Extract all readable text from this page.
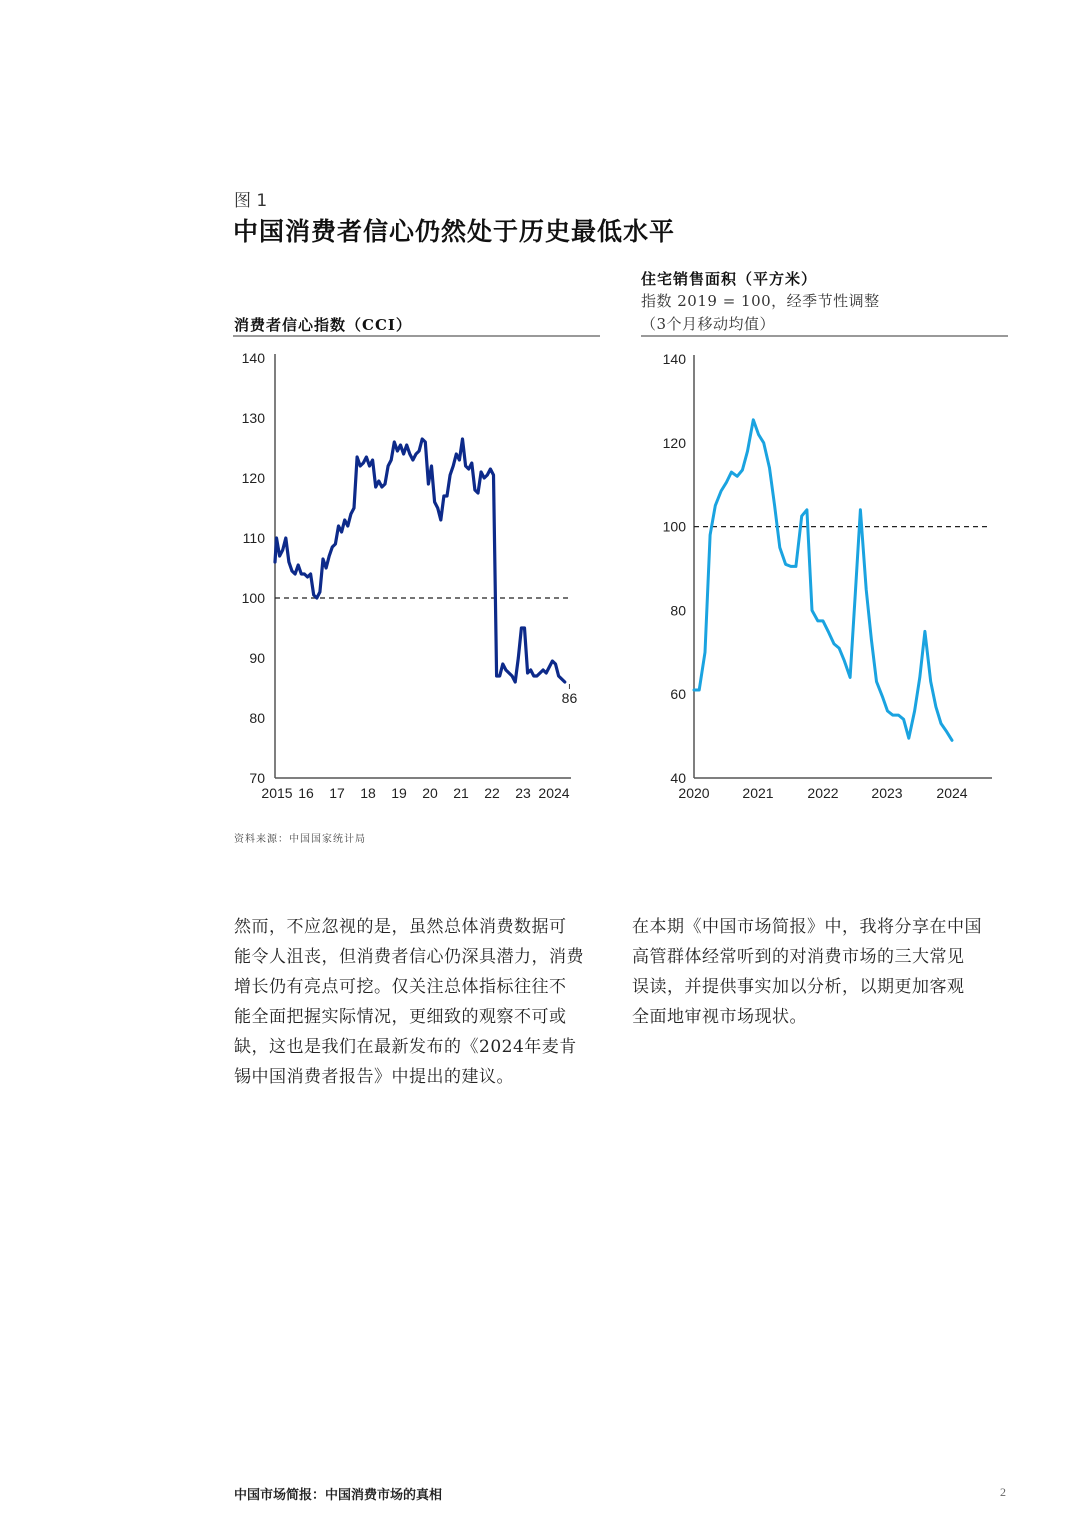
图 1
中国消费者信心仍然处于历史最低水平
消费者信心指数（CCI）
住宅销售面积（平方米）
指数 2019 = 100，经季节性调整
（3个月移动均值）
70
80
90
100
110
120
130
140
2015 16 17 18 19 20 21 22 23 2024
86
40
60
80
100
120
140
2020 2021 2022 2023 2024
资料来源：中国国家统计局
然而，不应忽视的是，虽然总体消费数据可
能令人沮丧，但消费者信心仍深具潜力，消费
增长仍有亮点可挖。仅关注总体指标往往不
能全面把握实际情况，更细致的观察不可或
缺，这也是我们在最新发布的《2024年麦肯
锡中国消费者报告》中提出的建议。
在本期《中国市场简报》中，我将分享在中国
高管群体经常听到的对消费市场的三大常见
误读，并提供事实加以分析，以期更加客观
全面地审视市场现状。
中国市场简报：中国消费市场的真相	2
